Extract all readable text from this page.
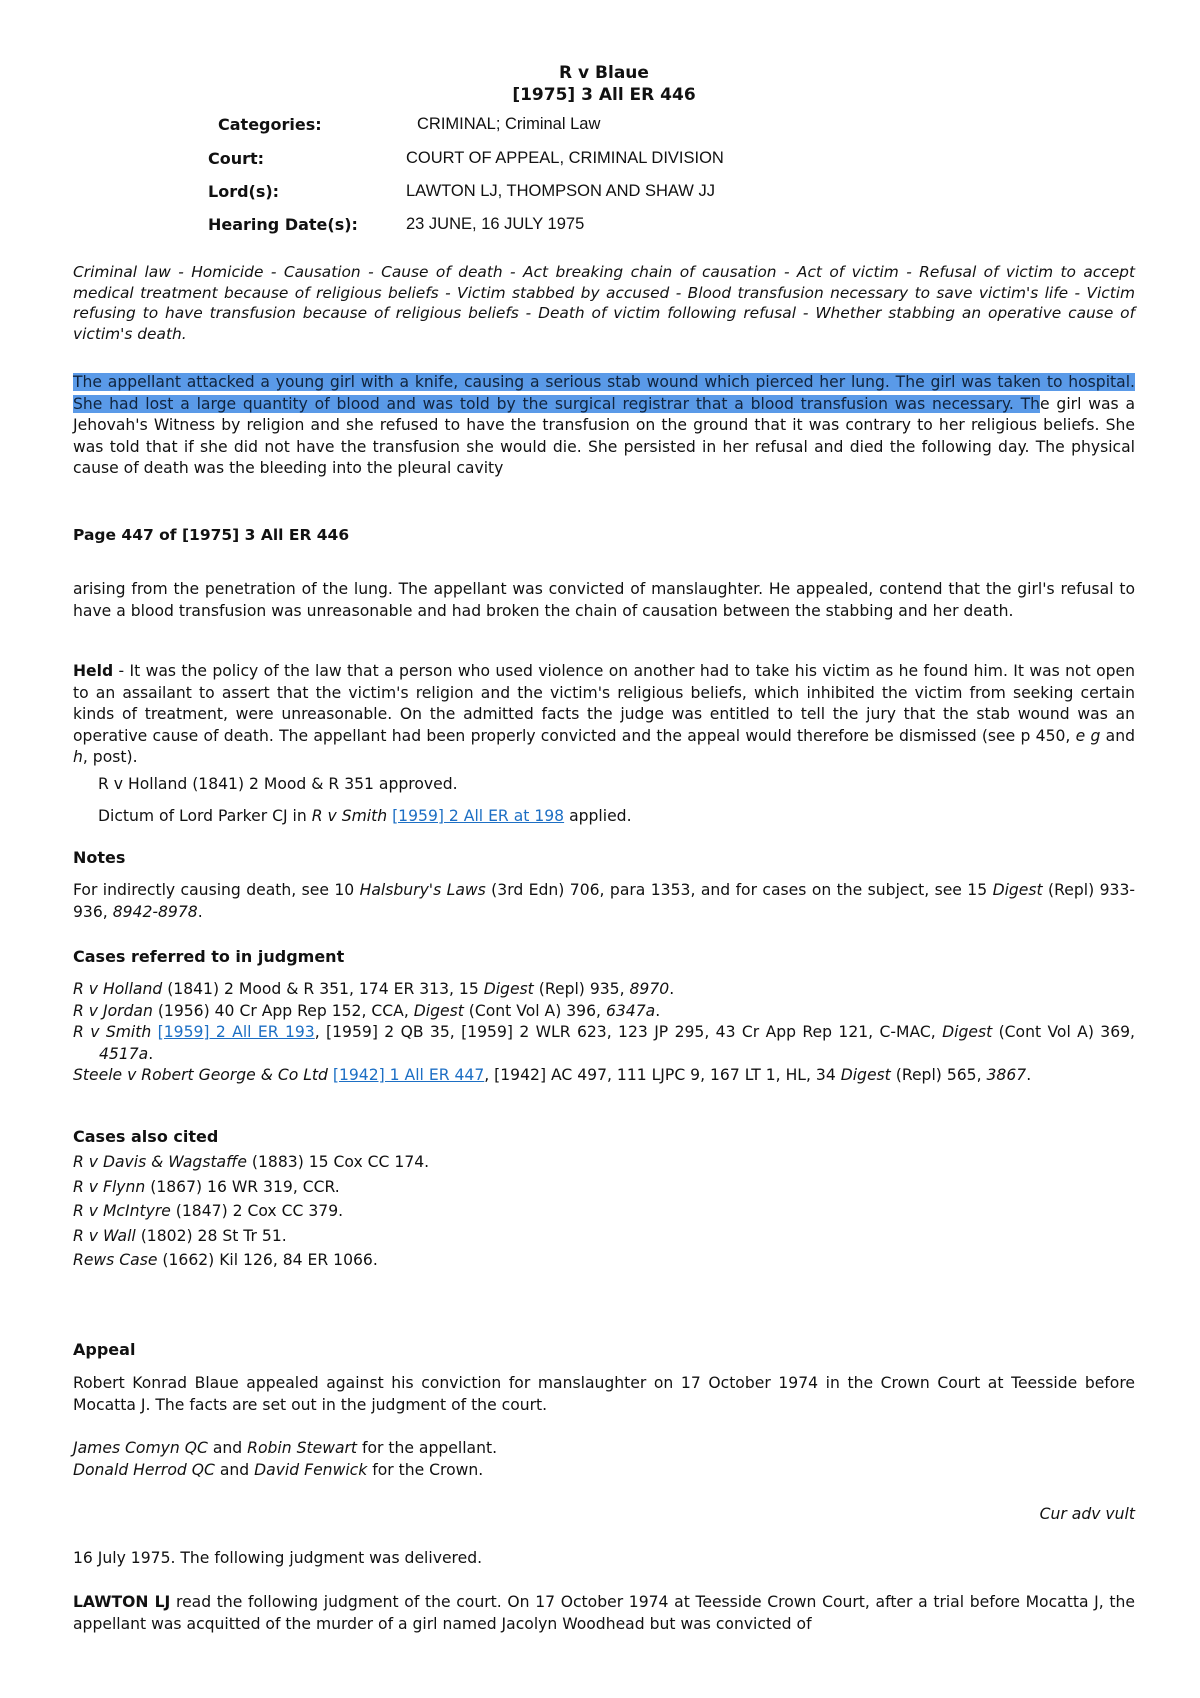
R v Blaue
[1975] 3 All ER 446
Categories:	CRIMINAL; Criminal Law
Court:	COURT OF APPEAL, CRIMINAL DIVISION
Lord(s):	LAWTON LJ, THOMPSON AND SHAW JJ
Hearing Date(s):	23 JUNE, 16 JULY 1975

Criminal law - Homicide - Causation - Cause of death - Act breaking chain of causation - Act of victim - Refusal of victim to accept medical treatment because of religious beliefs - Victim stabbed by accused - Blood transfusion necessary to save victim's life - Victim refusing to have transfusion because of religious beliefs - Death of victim following refusal - Whether stabbing an operative cause of victim's death.

The appellant attacked a young girl with a knife, causing a serious stab wound which pierced her lung. The girl was taken to hospital. She had lost a large quantity of blood and was told by the surgical registrar that a blood transfusion was necessary. The girl was a Jehovah's Witness by religion and she refused to have the transfusion on the ground that it was contrary to her religious beliefs. She was told that if she did not have the transfusion she would die. She persisted in her refusal and died the following day. The physical cause of death was the bleeding into the pleural cavity

Page 447 of [1975] 3 All ER 446

arising from the penetration of the lung. The appellant was convicted of manslaughter. He appealed, contend that the girl's refusal to have a blood transfusion was unreasonable and had broken the chain of causation between the stabbing and her death.

Held - It was the policy of the law that a person who used violence on another had to take his victim as he found him. It was not open to an assailant to assert that the victim's religion and the victim's religious beliefs, which inhibited the victim from seeking certain kinds of treatment, were unreasonable. On the admitted facts the judge was entitled to tell the jury that the stab wound was an operative cause of death. The appellant had been properly convicted and the appeal would therefore be dismissed (see p 450, e g and h, post).

R v Holland (1841) 2 Mood & R 351 approved.

Dictum of Lord Parker CJ in R v Smith [1959] 2 All ER at 198 applied.

Notes

For indirectly causing death, see 10 Halsbury's Laws (3rd Edn) 706, para 1353, and for cases on the subject, see 15 Digest (Repl) 933-936, 8942-8978.

Cases referred to in judgment

R v Holland (1841) 2 Mood & R 351, 174 ER 313, 15 Digest (Repl) 935, 8970.

R v Jordan (1956) 40 Cr App Rep 152, CCA, Digest (Cont Vol A) 396, 6347a.

R v Smith [1959] 2 All ER 193, [1959] 2 QB 35, [1959] 2 WLR 623, 123 JP 295, 43 Cr App Rep 121, C-MAC, Digest (Cont Vol A) 369, 4517a.

Steele v Robert George & Co Ltd [1942] 1 All ER 447, [1942] AC 497, 111 LJPC 9, 167 LT 1, HL, 34 Digest (Repl) 565, 3867.

Cases also cited

R v Davis & Wagstaffe (1883) 15 Cox CC 174.

R v Flynn (1867) 16 WR 319, CCR.

R v McIntyre (1847) 2 Cox CC 379.

R v Wall (1802) 28 St Tr 51.

Rews Case (1662) Kil 126, 84 ER 1066.

Appeal

Robert Konrad Blaue appealed against his conviction for manslaughter on 17 October 1974 in the Crown Court at Teesside before Mocatta J. The facts are set out in the judgment of the court.

James Comyn QC and Robin Stewart for the appellant.

Donald Herrod QC and David Fenwick for the Crown.

Cur adv vult

16 July 1975. The following judgment was delivered.

LAWTON LJ read the following judgment of the court. On 17 October 1974 at Teesside Crown Court, after a trial before Mocatta J, the appellant was acquitted of the murder of a girl named Jacolyn Woodhead but was convicted of
